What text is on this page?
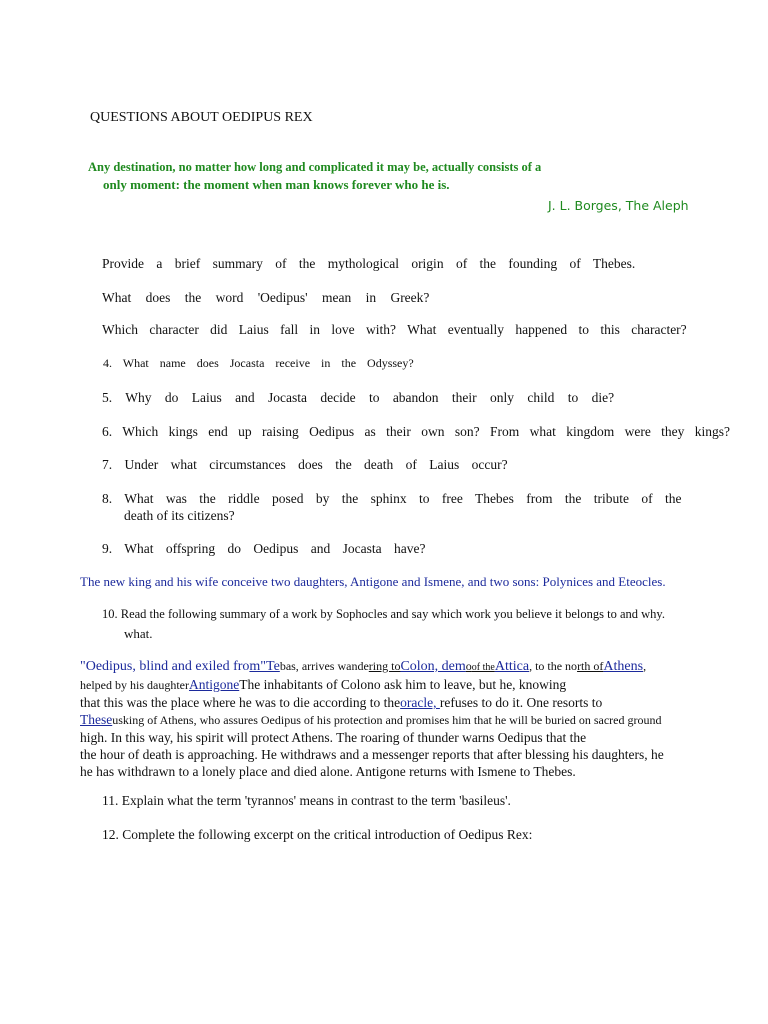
QUESTIONS ABOUT OEDIPUS REX
Any destination, no matter how long and complicated it may be, actually consists of a
only moment: the moment when man knows forever who he is.
J. L. Borges, The Aleph
Provide a brief summary of the mythological origin of the founding of Thebes.
What does the word 'Oedipus' mean in Greek?
Which character did Laius fall in love with? What eventually happened to this character?
4. What name does Jocasta receive in the Odyssey?
5. Why do Laius and Jocasta decide to abandon their only child to die?
6. Which kings end up raising Oedipus as their own son? From what kingdom were they kings?
7. Under what circumstances does the death of Laius occur?
8. What was the riddle posed by the sphinx to free Thebes from the tribute of the
death of its citizens?
9. What offspring do Oedipus and Jocasta have?
The new king and his wife conceive two daughters, Antigone and Ismene, and two sons: Polynices and Eteocles.
10. Read the following summary of a work by Sophocles and say which work you believe it belongs to and why.
what.
"Oedipus, blind and exiled from"Tebas, arrives wandering toColon, demoof theAttica, to the north ofAthens,
helped by his daughterAntigoneThe inhabitants of Colono ask him to leave, but he, knowing
that this was the place where he was to die according to theoracle, refuses to do it. One resorts to
Theseusking of Athens, who assures Oedipus of his protection and promises him that he will be buried on sacred ground
high. In this way, his spirit will protect Athens. The roaring of thunder warns Oedipus that the
the hour of death is approaching. He withdraws and a messenger reports that after blessing his daughters, he
he has withdrawn to a lonely place and died alone. Antigone returns with Ismene to Thebes.
11. Explain what the term 'tyrannos' means in contrast to the term 'basileus'.
12. Complete the following excerpt on the critical introduction of Oedipus Rex:
